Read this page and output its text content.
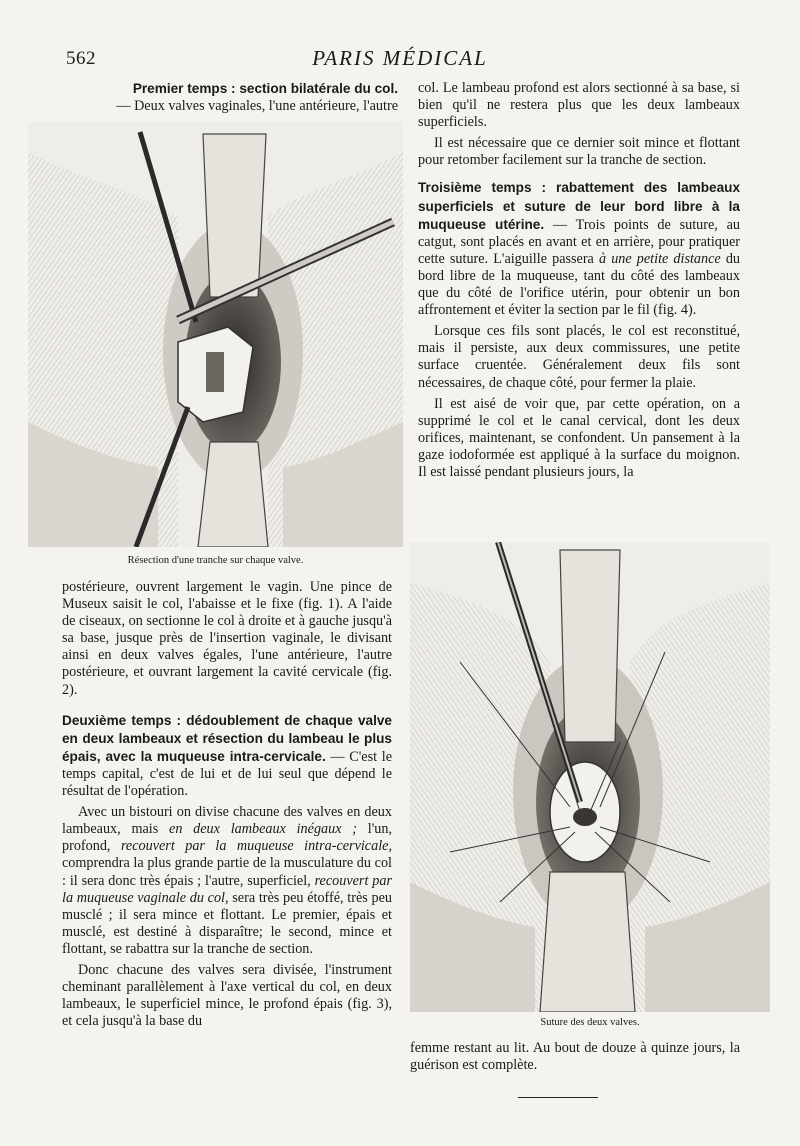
562	PARIS MÉDICAL

Premier temps : section bilatérale du col.

— Deux valves vaginales, l'une antérieure, l'autre

Résection d'une tranche sur chaque valve.

postérieure, ouvrent largement le vagin. Une pince de Museux saisit le col, l'abaisse et le fixe (fig. 1). A l'aide de ciseaux, on sectionne le col à droite et à gauche jusqu'à sa base, jusque près de l'insertion vaginale, le divisant ainsi en deux valves égales, l'une antérieure, l'autre postérieure, et ouvrant largement la cavité cervicale (fig. 2).

Deuxième temps : dédoublement de chaque valve en deux lambeaux et résection du lambeau le plus épais, avec la muqueuse intra-cervicale. — C'est le temps capital, c'est de lui et de lui seul que dépend le résultat de l'opération.

Avec un bistouri on divise chacune des valves en deux lambeaux, mais en deux lambeaux inégaux ; l'un, profond, recouvert par la muqueuse intra-cervicale, comprendra la plus grande partie de la musculature du col : il sera donc très épais ; l'autre, superficiel, recouvert par la muqueuse vaginale du col, sera très peu étoffé, très peu musclé ; il sera mince et flottant. Le premier, épais et musclé, est destiné à disparaître; le second, mince et flottant, se rabattra sur la tranche de section.

Donc chacune des valves sera divisée, l'instrument cheminant parallèlement à l'axe vertical du col, en deux lambeaux, le superficiel mince, le profond épais (fig. 3), et cela jusqu'à la base du

col. Le lambeau profond est alors sectionné à sa base, si bien qu'il ne restera plus que les deux lambeaux superficiels.

Il est nécessaire que ce dernier soit mince et flottant pour retomber facilement sur la tranche de section.

Troisième temps : rabattement des lambeaux superficiels et suture de leur bord libre à la muqueuse utérine. — Trois points de suture, au catgut, sont placés en avant et en arrière, pour pratiquer cette suture. L'aiguille passera à une petite distance du bord libre de la muqueuse, tant du côté des lambeaux que du côté de l'orifice utérin, pour obtenir un bon affrontement et éviter la section par le fil (fig. 4).

Lorsque ces fils sont placés, le col est reconstitué, mais il persiste, aux deux commissures, une petite surface cruentée. Généralement deux fils sont nécessaires, de chaque côté, pour fermer la plaie.

Il est aisé de voir que, par cette opération, on a supprimé le col et le canal cervical, dont les deux orifices, maintenant, se confondent. Un pansement à la gaze iodoformée est appliqué à la surface du moignon. Il est laissé pendant plusieurs jours, la

Suture des deux valves.

femme restant au lit. Au bout de douze à quinze jours, la guérison est complète.
